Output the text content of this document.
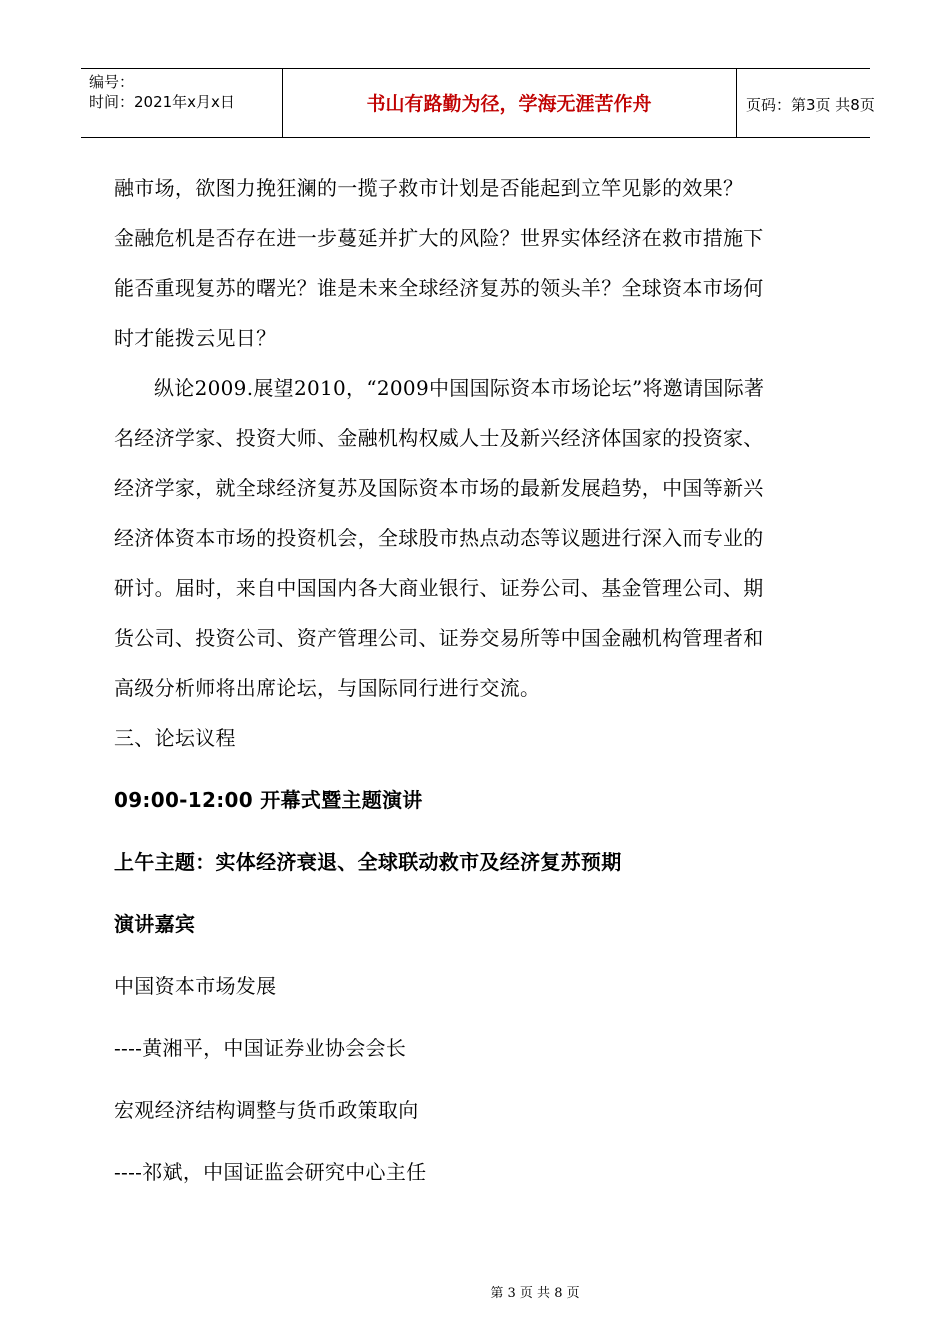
编号：
时间：2021年x月x日	书山有路勤为径，学海无涯苦作舟	页码：第3页 共8页
融市场，欲图力挽狂澜的一揽子救市计划是否能起到立竿见影的效果？
金融危机是否存在进一步蔓延并扩大的风险？世界实体经济在救市措施下
能否重现复苏的曙光？谁是未来全球经济复苏的领头羊？全球资本市场何
时才能拨云见日？
纵论2009.展望2010，“2009中国国际资本市场论坛”将邀请国际著
名经济学家、投资大师、金融机构权威人士及新兴经济体国家的投资家、
经济学家，就全球经济复苏及国际资本市场的最新发展趋势，中国等新兴
经济体资本市场的投资机会，全球股市热点动态等议题进行深入而专业的
研讨。届时，来自中国国内各大商业银行、证券公司、基金管理公司、期
货公司、投资公司、资产管理公司、证券交易所等中国金融机构管理者和
高级分析师将出席论坛，与国际同行进行交流。
三、论坛议程
09:00-12:00 开幕式暨主题演讲
上午主题：实体经济衰退、全球联动救市及经济复苏预期
演讲嘉宾
中国资本市场发展
----黄湘平，中国证券业协会会长
宏观经济结构调整与货币政策取向
----祁斌，中国证监会研究中心主任
第 3 页 共 8 页
